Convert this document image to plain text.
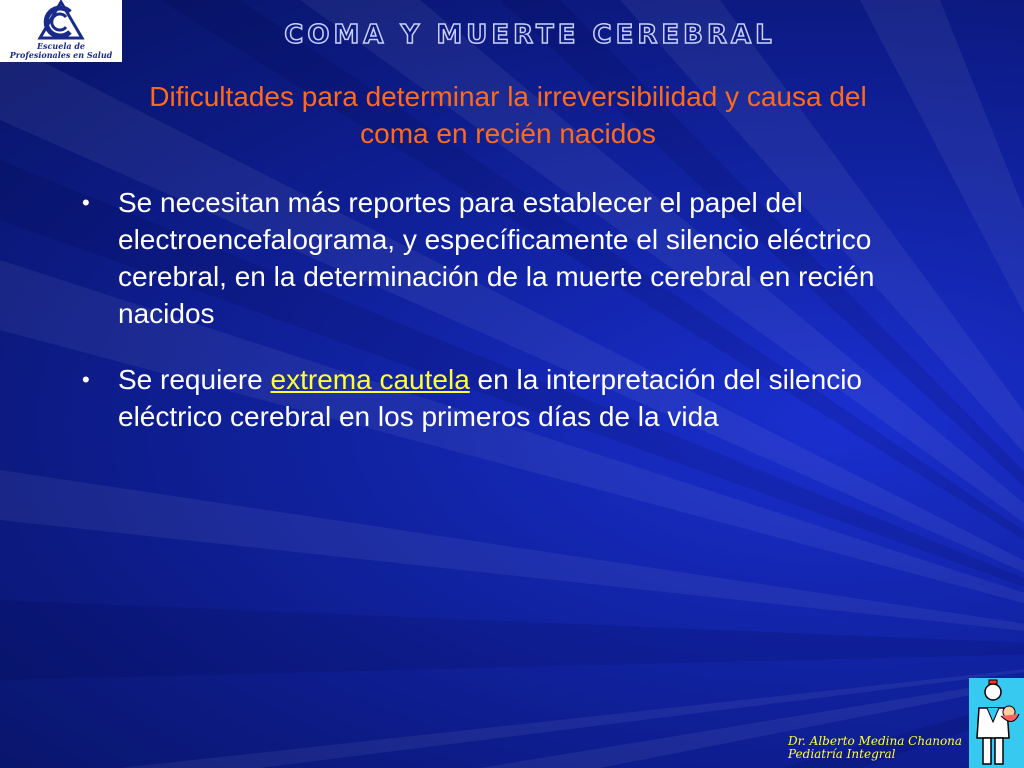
Escuela de
Profesionales en Salud
COMA Y MUERTE CEREBRAL
Dificultades para determinar la irreversibilidad y causa del
coma en recién nacidos
• Se necesitan más reportes para establecer el papel del electroencefalograma, y específicamente el silencio eléctrico cerebral, en la determinación de la muerte cerebral en recién nacidos
• Se requiere extrema cautela en la interpretación del silencio eléctrico cerebral en los primeros días de la vida
Dr. Alberto Medina Chanona
Pediatría Integral
